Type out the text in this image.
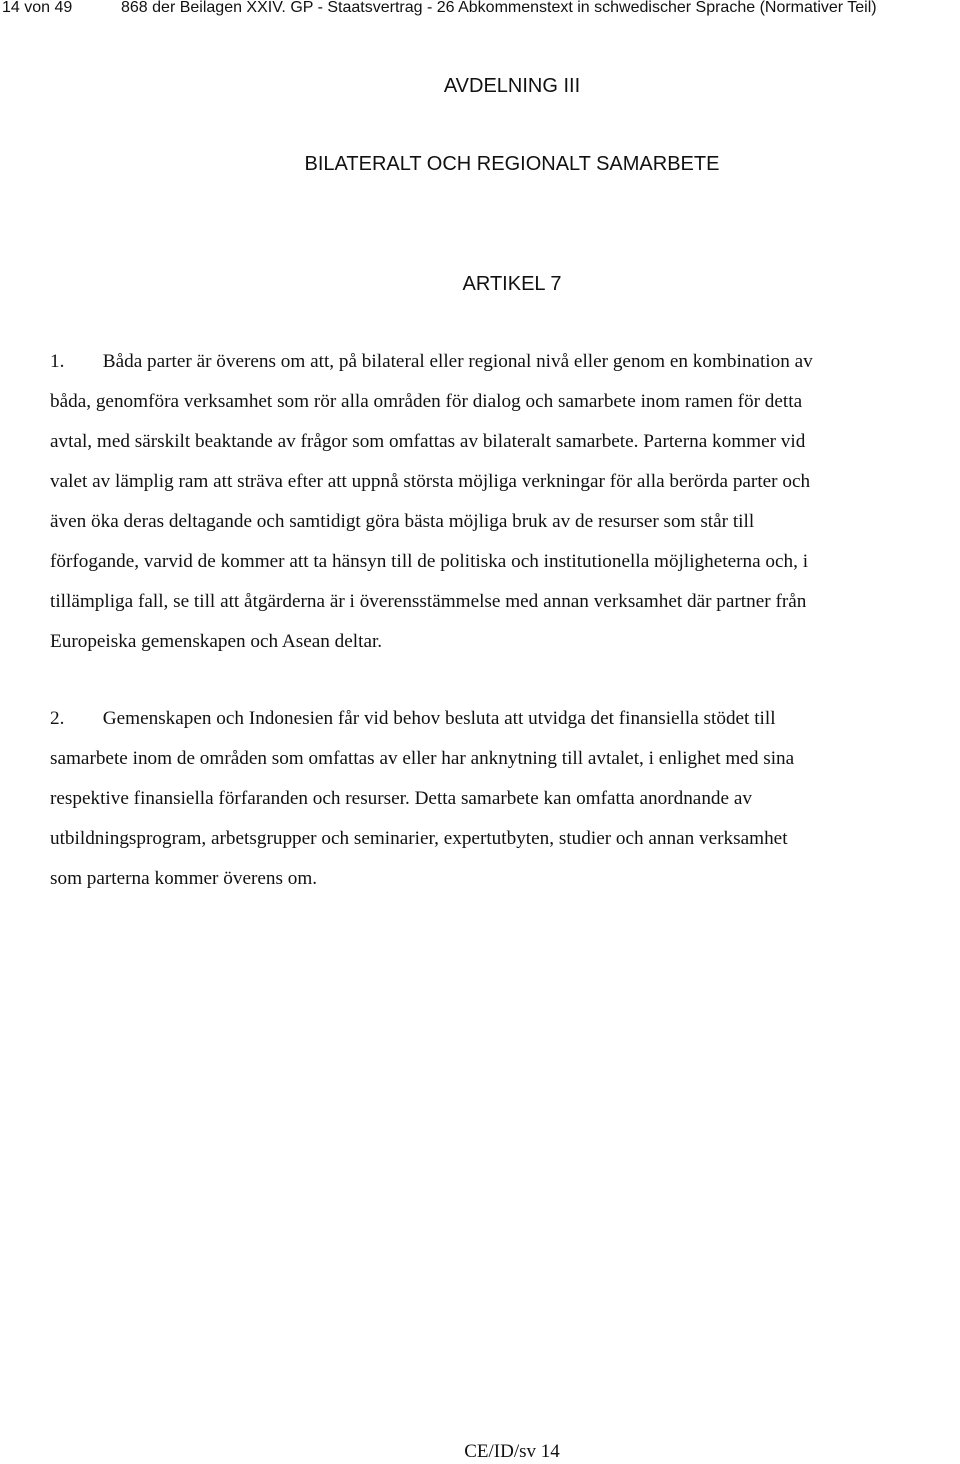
14 von 49	868 der Beilagen XXIV. GP - Staatsvertrag - 26 Abkommenstext in schwedischer Sprache (Normativer Teil)
AVDELNING III
BILATERALT OCH REGIONALT SAMARBETE
ARTIKEL 7
1. Båda parter är överens om att, på bilateral eller regional nivå eller genom en kombination av båda, genomföra verksamhet som rör alla områden för dialog och samarbete inom ramen för detta avtal, med särskilt beaktande av frågor som omfattas av bilateralt samarbete. Parterna kommer vid valet av lämplig ram att sträva efter att uppnå största möjliga verkningar för alla berörda parter och även öka deras deltagande och samtidigt göra bästa möjliga bruk av de resurser som står till förfogande, varvid de kommer att ta hänsyn till de politiska och institutionella möjligheterna och, i tillämpliga fall, se till att åtgärderna är i överensstämmelse med annan verksamhet där partner från Europeiska gemenskapen och Asean deltar.
2. Gemenskapen och Indonesien får vid behov besluta att utvidga det finansiella stödet till samarbete inom de områden som omfattas av eller har anknytning till avtalet, i enlighet med sina respektive finansiella förfaranden och resurser. Detta samarbete kan omfatta anordnande av utbildningsprogram, arbetsgrupper och seminarier, expertutbyten, studier och annan verksamhet som parterna kommer överens om.
CE/ID/sv 14
